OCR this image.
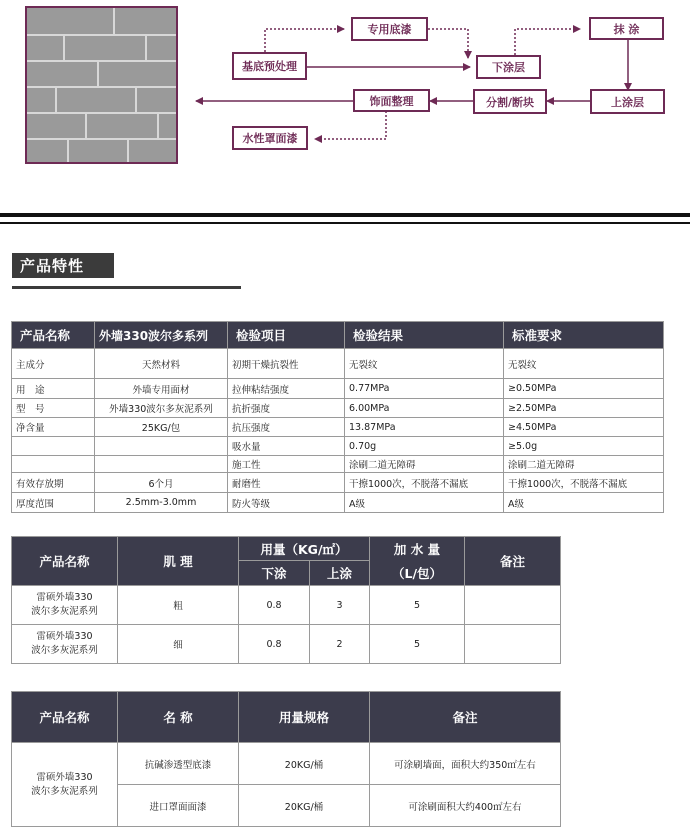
基底预处理
专用底漆
下涂层
抹 涂
上涂层
分割/断块
饰面整理
水性罩面漆
产品特性
产品名称	外墙330波尔多系列	检验项目	检验结果	标准要求
主成分	天然材料	初期干燥抗裂性	无裂纹	无裂纹
用　途	外墙专用面材	拉伸粘结强度	0.77MPa	≥0.50MPa
型　号	外墙330波尔多灰泥系列	抗折强度	6.00MPa	≥2.50MPa
净含量	25KG/包	抗压强度	13.87MPa	≥4.50MPa
		吸水量	0.70g	≥5.0g
		施工性	涂刷二道无障碍	涂刷二道无障碍
有效存放期	6个月	耐磨性	干擦1000次，不脱落不漏底	干擦1000次，不脱落不漏底
厚度范围	2.5mm-3.0mm	防火等级	A级	A级
产品名称	肌 理	用量（KG/㎡）		加 水 量	备注
		下涂	上涂	（L/包）	

雷硕外墙330
波尔多灰泥系列	粗	0.8	3	5	

雷硕外墙330
波尔多灰泥系列	细	0.8	2	5	
产品名称	名 称	用量规格	备注

雷硕外墙330
波尔多灰泥系列	抗碱渗透型底漆	20KG/桶	可涂刷墙面，面积大约350㎡左右
	进口罩面面漆	20KG/桶	可涂刷面积大约400㎡左右
